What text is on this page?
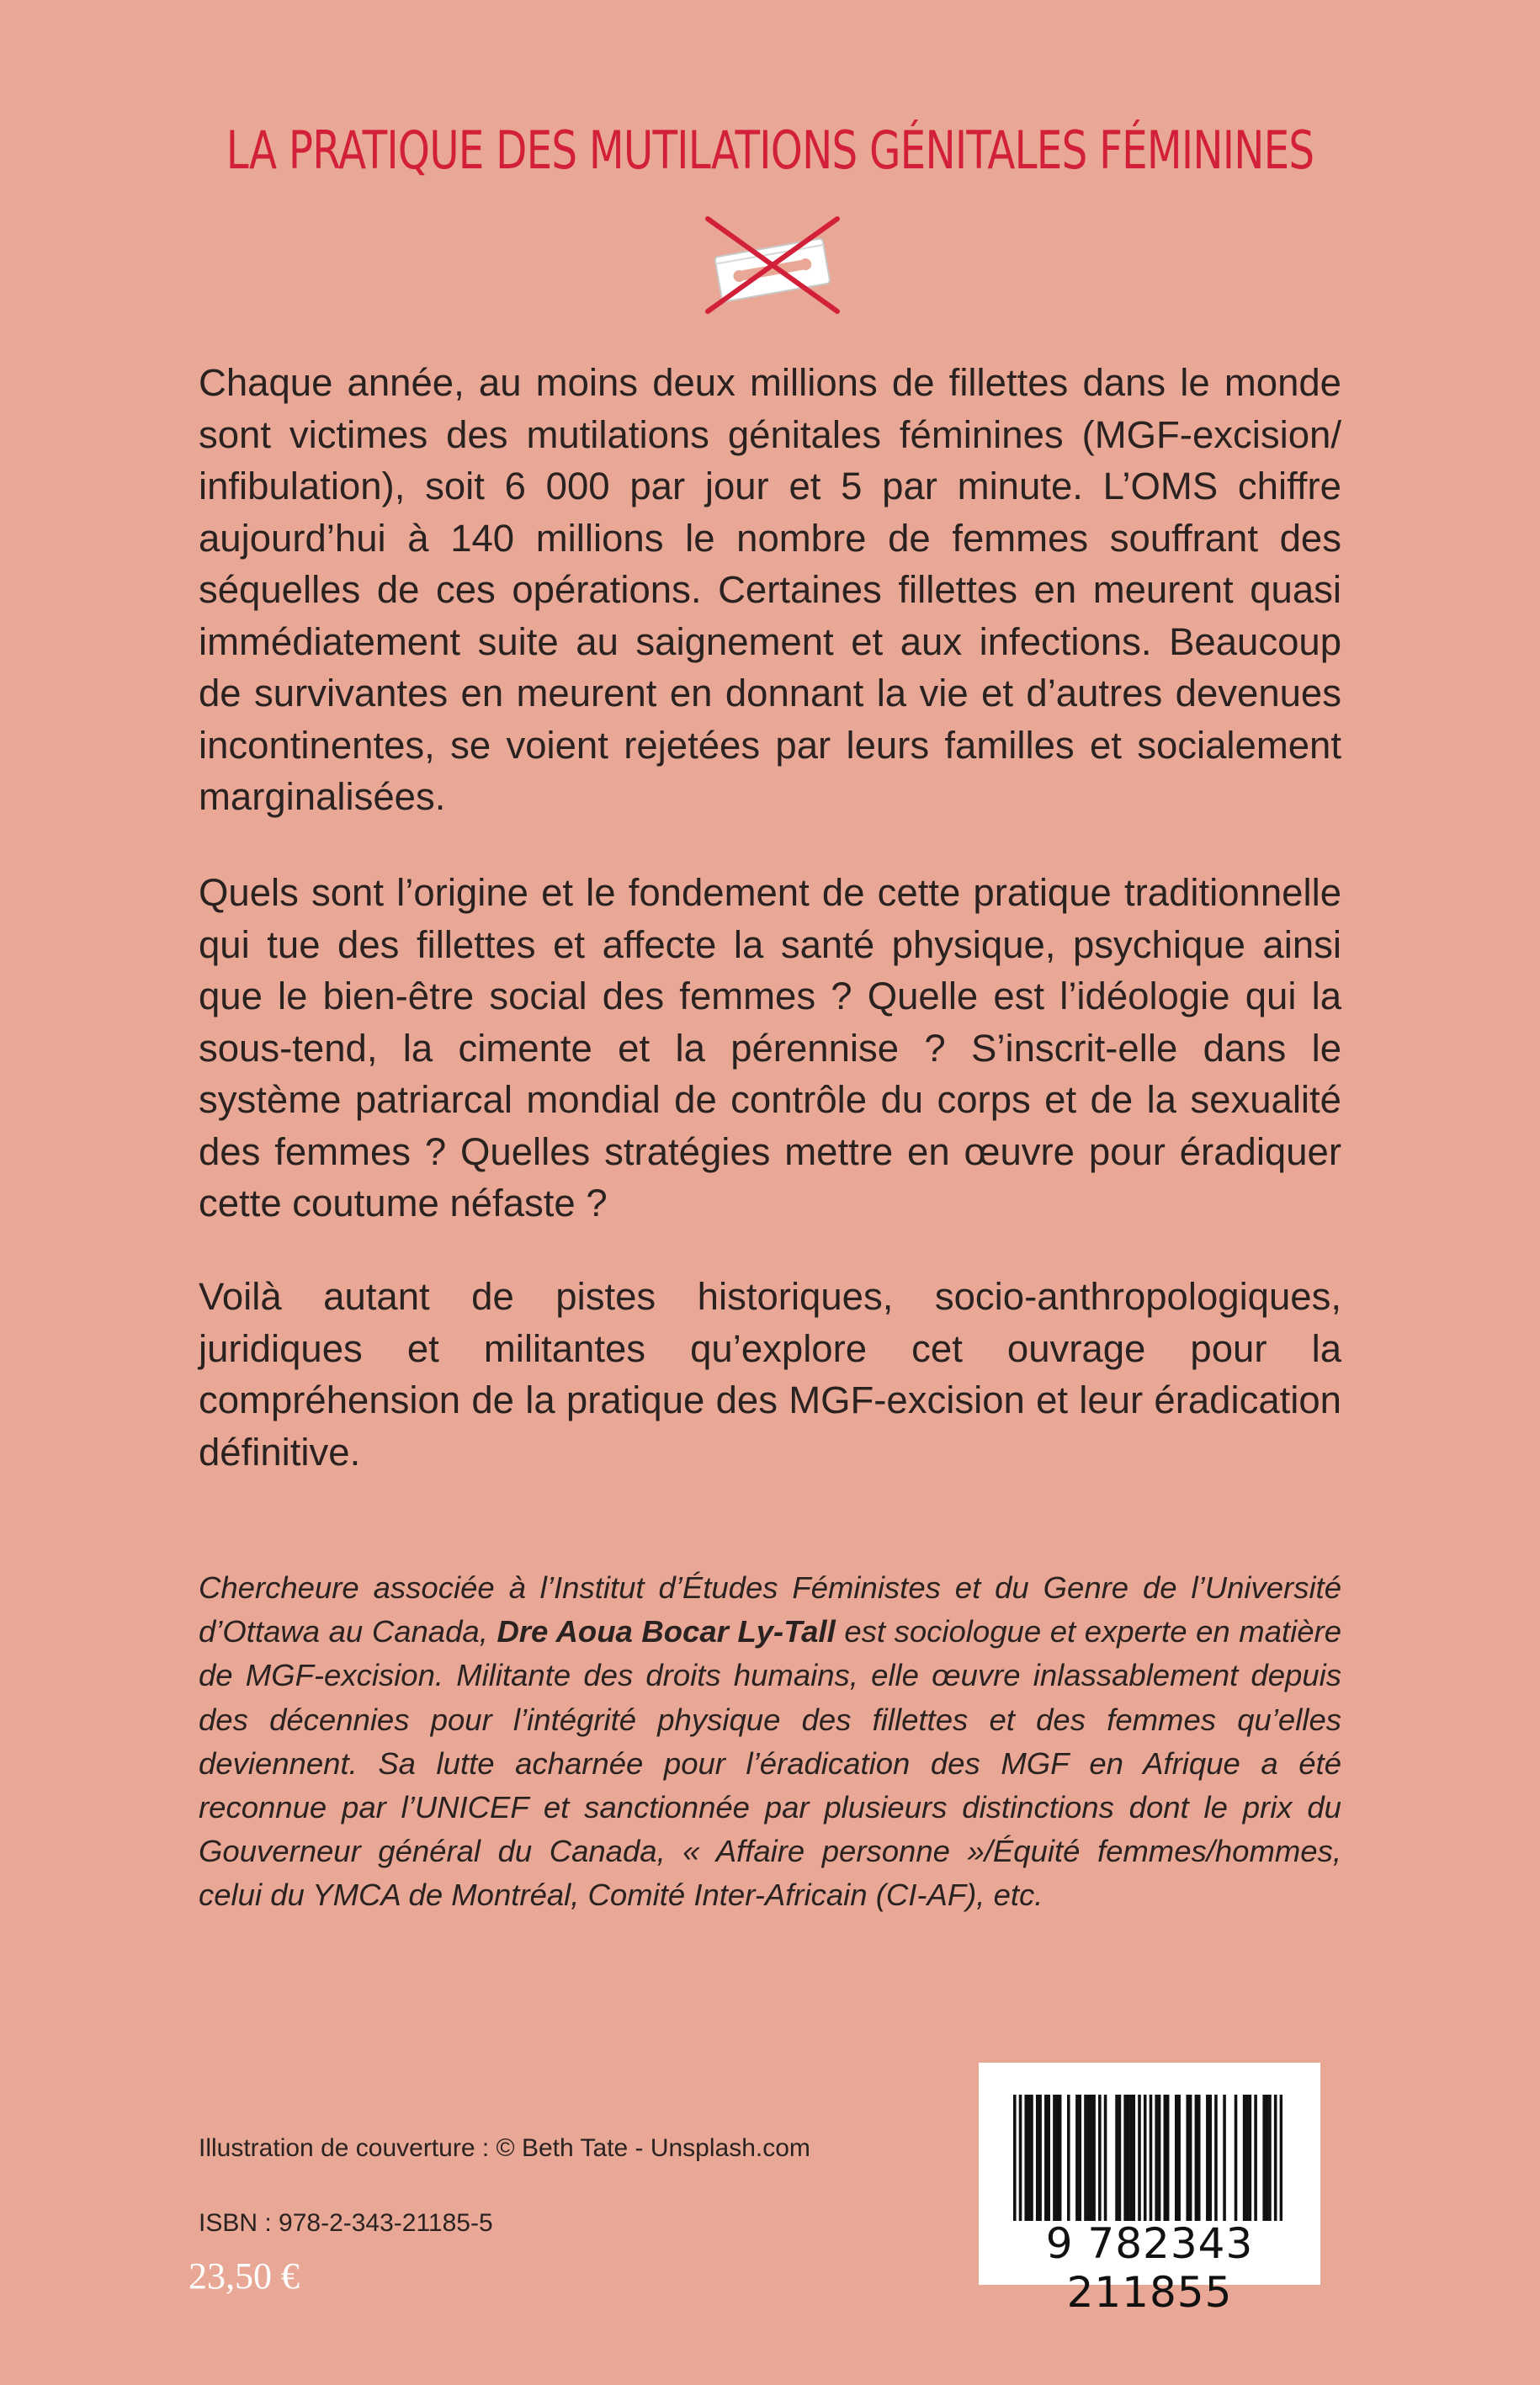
LA PRATIQUE DES MUTILATIONS GÉNITALES FÉMININES
Chaque année, au moins deux millions de fillettes dans le monde sont victimes des mutilations génitales féminines (MGF-excision/ infibulation), soit 6 000 par jour et 5 par minute. L’OMS chiffre aujourd’hui à 140 millions le nombre de femmes souffrant des séquelles de ces opérations. Certaines fillettes en meurent quasi immédiatement suite au saignement et aux infections. Beaucoup de survivantes en meurent en donnant la vie et d’autres devenues incontinentes, se voient rejetées par leurs familles et socialement marginalisées.
Quels sont l’origine et le fondement de cette pratique traditionnelle qui tue des fillettes et affecte la santé physique, psychique ainsi que le bien-être social des femmes ? Quelle est l’idéologie qui la sous-tend, la cimente et la pérennise ? S’inscrit-elle dans le système patriarcal mondial de contrôle du corps et de la sexualité des femmes ? Quelles stratégies mettre en œuvre pour éradiquer cette coutume néfaste ?
Voilà autant de pistes historiques, socio-anthropologiques, juridiques et militantes qu’explore cet ouvrage pour la compréhension de la pratique des MGF-excision et leur éradication définitive.
Chercheure associée à l’Institut d’Études Féministes et du Genre de l’Université d’Ottawa au Canada, Dre Aoua Bocar Ly-Tall est sociologue et experte en matière de MGF-excision. Militante des droits humains, elle œuvre inlassablement depuis des décennies pour l’intégrité physique des fillettes et des femmes qu’elles deviennent. Sa lutte acharnée pour l’éradication des MGF en Afrique a été reconnue par l’UNICEF et sanctionnée par plusieurs distinctions dont le prix du Gouverneur général du Canada, « Affaire personne »/Équité femmes/hommes, celui du YMCA de Montréal, Comité Inter-Africain (CI-AF), etc.
Illustration de couverture : © Beth Tate - Unsplash.com
ISBN : 978-2-343-21185-5
23,50 €
9 782343 211855
